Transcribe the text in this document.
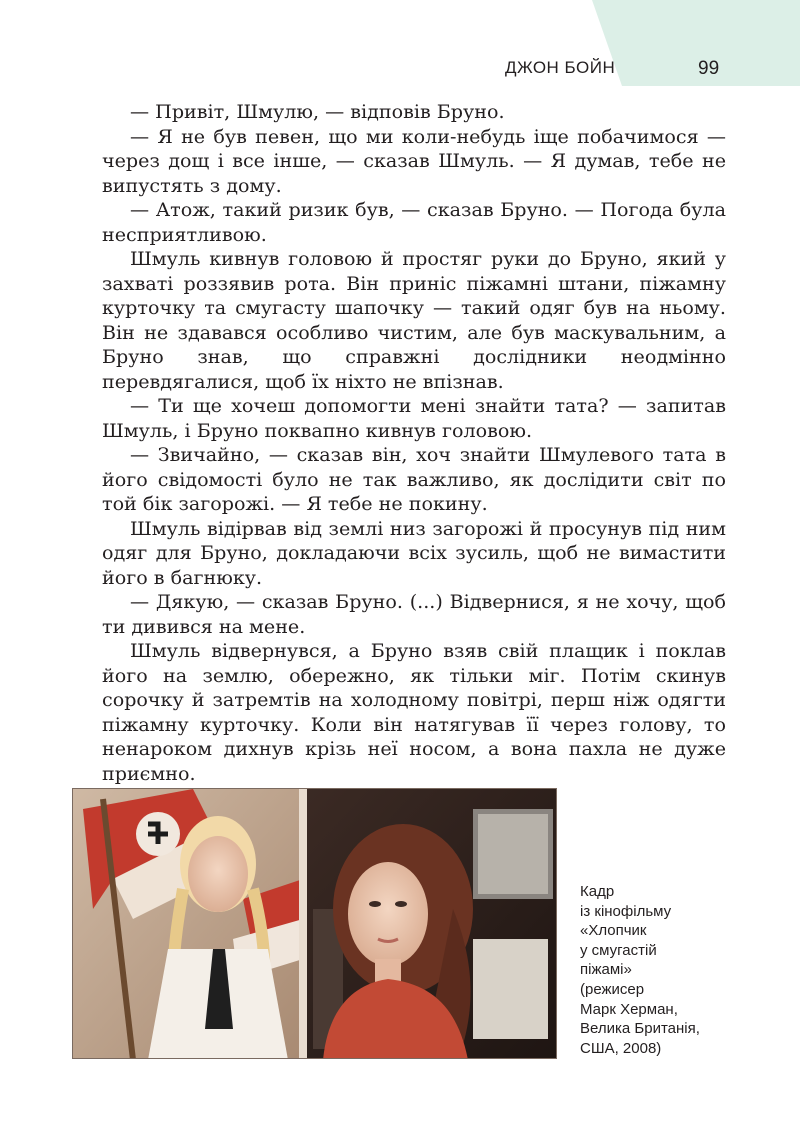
ДЖОН БОЙН	99

— Привіт, Шмулю, — відповів Бруно.

— Я не був певен, що ми коли-небудь іще побачимося — через дощ і все інше, — сказав Шмуль. — Я думав, тебе не випустять з дому.

— Атож, такий ризик був, — сказав Бруно. — Погода була несприятливою.

Шмуль кивнув головою й простяг руки до Бруно, який у захваті роззявив рота. Він приніс піжамні штани, піжамну курточку та смугасту шапочку — такий одяг був на ньому. Він не здавався особливо чистим, але був маскувальним, а Бруно знав, що справжні дослідники неодмінно перевдягалися, щоб їх ніхто не впізнав.

— Ти ще хочеш допомогти мені знайти тата? — запитав Шмуль, і Бруно поквапно кивнув головою.

— Звичайно, — сказав він, хоч знайти Шмулевого тата в його свідомості було не так важливо, як дослідити світ по той бік загорожі. — Я тебе не покину.

Шмуль відірвав від землі низ загорожі й просунув під ним одяг для Бруно, докладаючи всіх зусиль, щоб не вимастити його в багнюку.

— Дякую, — сказав Бруно. (...) Відвернися, я не хочу, щоб ти дивився на мене.

Шмуль відвернувся, а Бруно взяв свій плащик і поклав його на землю, обережно, як тільки міг. Потім скинув сорочку й затремтів на холодному повітрі, перш ніж одягти піжамну курточку. Коли він натягував її через голову, то ненароком дихнув крізь неї носом, а вона пахла не дуже приємно.

Кадр
із кінофільму
«Хлопчик
у смугастій
піжамі»
(режисер
Марк Херман,
Велика Британія,
США, 2008)
